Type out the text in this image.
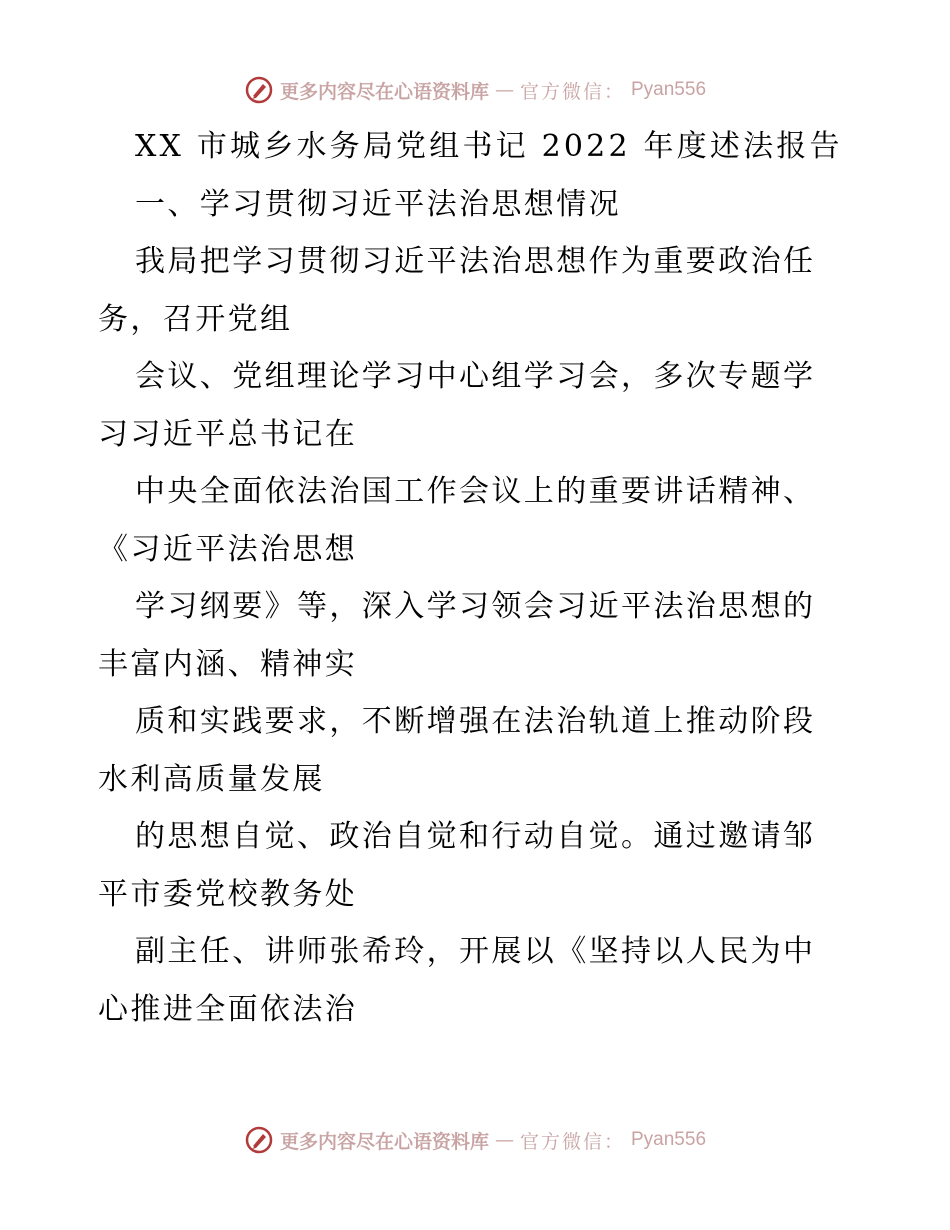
更多内容尽在心语资料库 — 官方微信： Pyan556
XX 市城乡水务局党组书记 2022 年度述法报告
一、学习贯彻习近平法治思想情况
我局把学习贯彻习近平法治思想作为重要政治任
务，召开党组
会议、党组理论学习中心组学习会，多次专题学
习习近平总书记在
中央全面依法治国工作会议上的重要讲话精神、
《习近平法治思想
学习纲要》等，深入学习领会习近平法治思想的
丰富内涵、精神实
质和实践要求，不断增强在法治轨道上推动阶段
水利高质量发展
的思想自觉、政治自觉和行动自觉。通过邀请邹
平市委党校教务处
副主任、讲师张希玲，开展以《坚持以人民为中
心推进全面依法治
更多内容尽在心语资料库 — 官方微信： Pyan556
